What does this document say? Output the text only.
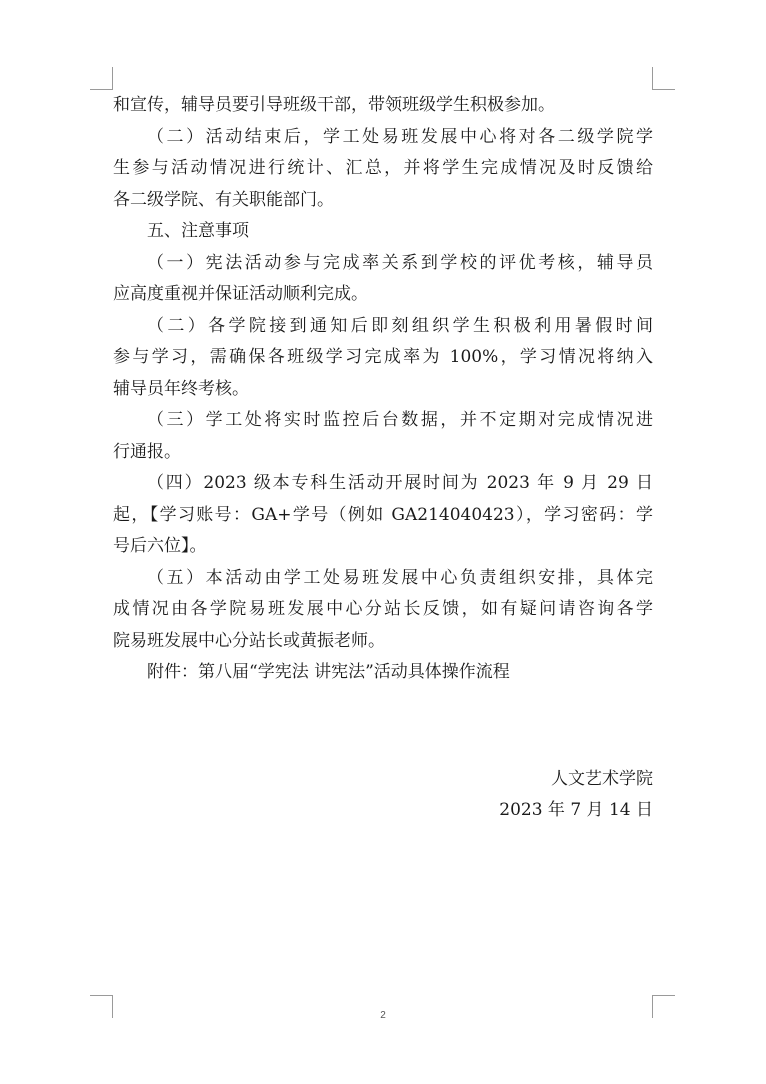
和宣传，辅导员要引导班级干部，带领班级学生积极参加。
（二）活动结束后，学工处易班发展中心将对各二级学院学
生参与活动情况进行统计、汇总，并将学生完成情况及时反馈给
各二级学院、有关职能部门。
五、注意事项
（一）宪法活动参与完成率关系到学校的评优考核，辅导员
应高度重视并保证活动顺利完成。
（二）各学院接到通知后即刻组织学生积极利用暑假时间
参与学习，需确保各班级学习完成率为 100%，学习情况将纳入
辅导员年终考核。
（三）学工处将实时监控后台数据，并不定期对完成情况进
行通报。
（四）2023 级本专科生活动开展时间为 2023 年 9 月 29 日
起，【学习账号：GA+学号（例如 GA214040423），学习密码：学
号后六位】。
（五）本活动由学工处易班发展中心负责组织安排，具体完
成情况由各学院易班发展中心分站长反馈，如有疑问请咨询各学
院易班发展中心分站长或黄振老师。
附件：第八届“学宪法 讲宪法”活动具体操作流程
人文艺术学院
2023 年 7 月 14 日
2
